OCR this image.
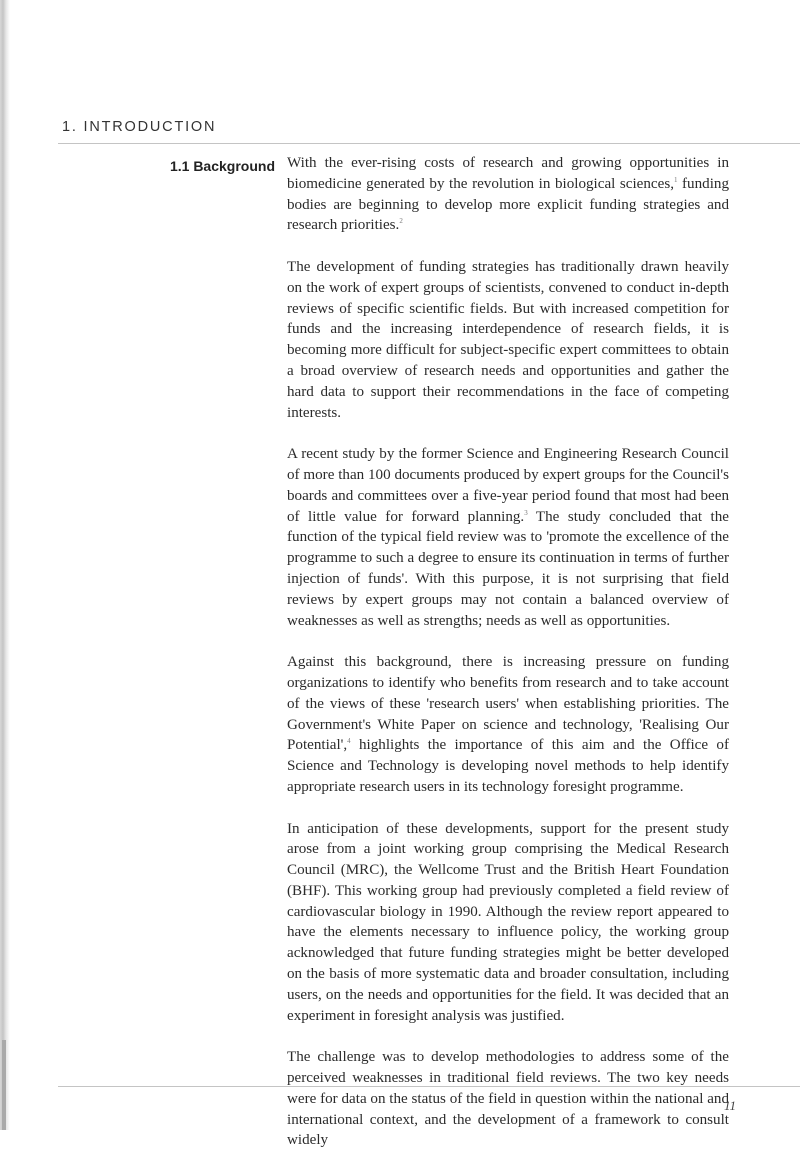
1. INTRODUCTION
1.1 Background With the ever-rising costs of research and growing opportunities in biomedicine generated by the revolution in biological sciences,$^1$ funding bodies are beginning to develop more explicit funding strategies and research priorities.$^2$

The development of funding strategies has traditionally drawn heavily on the work of expert groups of scientists, convened to conduct in-depth reviews of specific scientific fields. But with increased competition for funds and the increasing interdependence of research fields, it is becoming more difficult for subject-specific expert committees to obtain a broad overview of research needs and opportunities and gather the hard data to support their recommendations in the face of competing interests.

A recent study by the former Science and Engineering Research Council of more than 100 documents produced by expert groups for the Council's boards and committees over a five-year period found that most had been of little value for forward planning.$^3$ The study concluded that the function of the typical field review was to 'promote the excellence of the programme to such a degree to ensure its continuation in terms of further injection of funds'. With this purpose, it is not surprising that field reviews by expert groups may not contain a balanced overview of weaknesses as well as strengths; needs as well as opportunities.

Against this background, there is increasing pressure on funding organizations to identify who benefits from research and to take account of the views of these 'research users' when establishing priorities. The Government's White Paper on science and technology, 'Realising Our Potential',$^4$ highlights the importance of this aim and the Office of Science and Technology is developing novel methods to help identify appropriate research users in its technology foresight programme.

In anticipation of these developments, support for the present study arose from a joint working group comprising the Medical Research Council (MRC), the Wellcome Trust and the British Heart Foundation (BHF). This working group had previously completed a field review of cardiovascular biology in 1990. Although the review report appeared to have the elements necessary to influence policy, the working group acknowledged that future funding strategies might be better developed on the basis of more systematic data and broader consultation, including users, on the needs and opportunities for the field. It was decided that an experiment in foresight analysis was justified.

The challenge was to develop methodologies to address some of the perceived weaknesses in traditional field reviews. The two key needs were for data on the status of the field in question within the national and international context, and the development of a framework to consult widely

11
